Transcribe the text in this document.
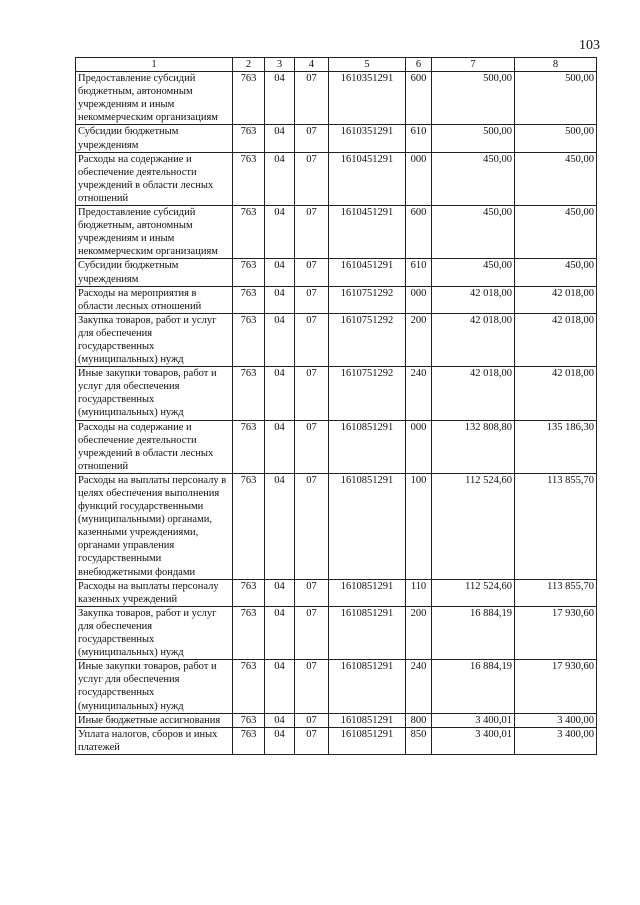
103
1	2	3	4	5	6	7	8
Предоставление субсидий бюджетным, автономным учреждениям и иным некоммерческим организациям	763	04	07	1610351291	600	500,00	500,00
Субсидии бюджетным учреждениям	763	04	07	1610351291	610	500,00	500,00
Расходы на содержание и обеспечение деятельности учреждений в области лесных отношений	763	04	07	1610451291	000	450,00	450,00
Предоставление субсидий бюджетным, автономным учреждениям и иным некоммерческим организациям	763	04	07	1610451291	600	450,00	450,00
Субсидии бюджетным учреждениям	763	04	07	1610451291	610	450,00	450,00
Расходы на мероприятия в области лесных отношений	763	04	07	1610751292	000	42 018,00	42 018,00
Закупка товаров, работ и услуг для обеспечения государственных (муниципальных) нужд	763	04	07	1610751292	200	42 018,00	42 018,00
Иные закупки товаров, работ и услуг для обеспечения государственных (муниципальных) нужд	763	04	07	1610751292	240	42 018,00	42 018,00
Расходы на содержание и обеспечение деятельности учреждений в области лесных отношений	763	04	07	1610851291	000	132 808,80	135 186,30
Расходы на выплаты персоналу в целях обеспечения выполнения функций государственными (муниципальными) органами, казенными учреждениями, органами управления государственными внебюджетными фондами	763	04	07	1610851291	100	112 524,60	113 855,70
Расходы на выплаты персоналу казенных учреждений	763	04	07	1610851291	110	112 524,60	113 855,70
Закупка товаров, работ и услуг для обеспечения государственных (муниципальных) нужд	763	04	07	1610851291	200	16 884,19	17 930,60
Иные закупки товаров, работ и услуг для обеспечения государственных (муниципальных) нужд	763	04	07	1610851291	240	16 884,19	17 930,60
Иные бюджетные ассигнования	763	04	07	1610851291	800	3 400,01	3 400,00
Уплата налогов, сборов и иных платежей	763	04	07	1610851291	850	3 400,01	3 400,00
